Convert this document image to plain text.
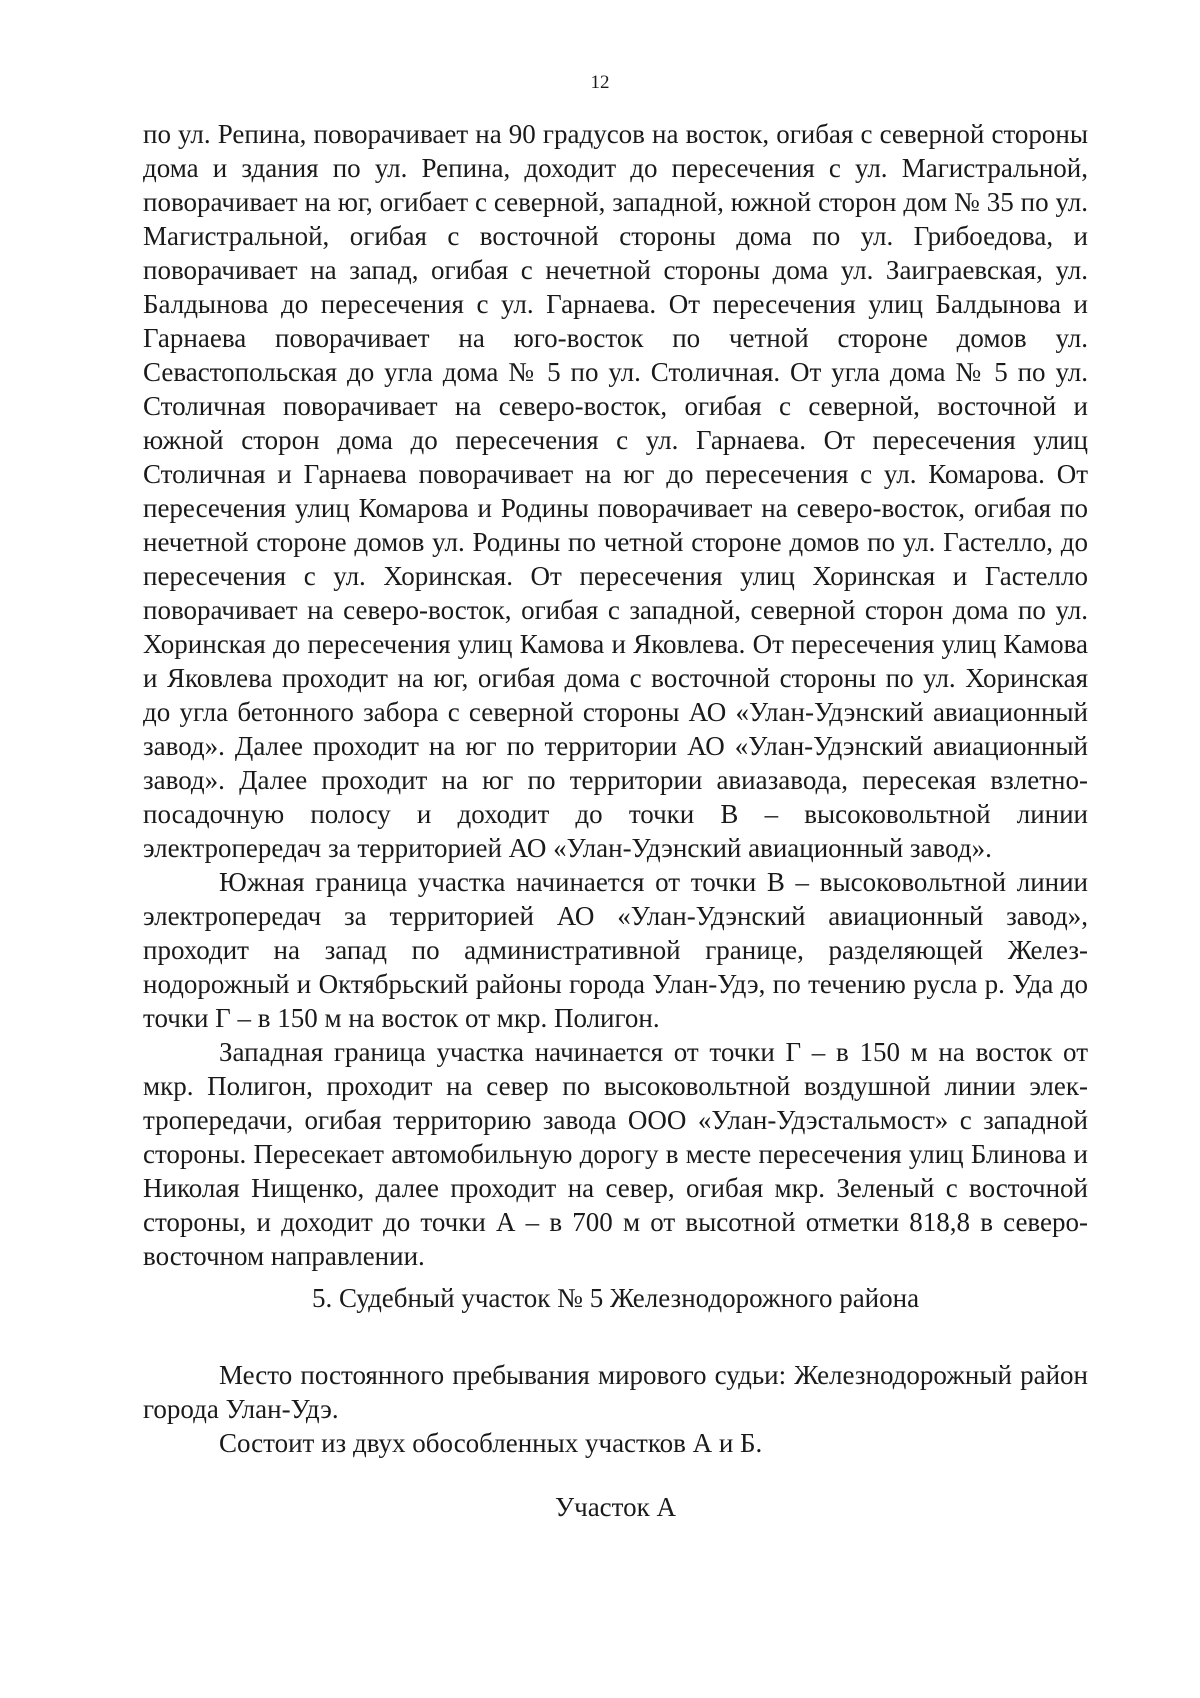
12

по ул. Репина, поворачивает на 90 градусов на восток, огибая с северной стороны дома и здания по ул. Репина, доходит до пересечения с ул. Магистральной, поворачивает на юг, огибает с северной, западной, южной сторон дом № 35 по ул. Магистральной, огибая с восточной стороны дома по ул. Грибоедова, и поворачивает на запад, огибая с нечетной стороны дома ул. Заиграевская, ул. Балдынова до пересечения с ул. Гарнаева. От пересечения улиц Балдынова и Гарнаева поворачивает на юго-восток по четной стороне домов ул. Севастопольская до угла дома № 5 по ул. Столичная. От угла дома № 5 по ул. Столичная поворачивает на северо-восток, огибая с северной, восточной и южной сторон дома до пересечения с ул. Гарнаева. От пересечения улиц Столичная и Гарнаева поворачивает на юг до пересечения с ул. Комарова. От пересечения улиц Комарова и Родины поворачивает на северо-восток, огибая по нечетной стороне домов ул. Родины по четной стороне домов по ул. Гастелло, до пересечения с ул. Хоринская. От пересечения улиц Хоринская и Гастелло поворачивает на северо-восток, огибая с западной, северной сторон дома по ул. Хоринская до пересечения улиц Камова и Яковлева. От пересечения улиц Камова и Яковлева проходит на юг, огибая дома с восточной стороны по ул. Хоринская до угла бетонного забора с северной стороны АО «Улан-Удэнский авиационный завод». Далее проходит на юг по территории АО «Улан-Удэнский авиационный завод». Далее проходит на юг по территории авиазавода, пересекая взлетно-посадочную полосу и доходит до точки В – высоковольтной линии электропередач за территорией АО «Улан-Удэнский авиационный завод».

Южная граница участка начинается от точки В – высоковольтной линии электропередач за территорией АО «Улан-Удэнский авиационный завод», проходит на запад по административной границе, разделяющей Железнодорожный и Октябрьский районы города Улан-Удэ, по течению русла р. Уда до точки Г – в 150 м на восток от мкр. Полигон.

Западная граница участка начинается от точки Г – в 150 м на восток от мкр. Полигон, проходит на север по высоковольтной воздушной линии электропередачи, огибая территорию завода ООО «Улан-Удэстальмост» с западной стороны. Пересекает автомобильную дорогу в месте пересечения улиц Блинова и Николая Нищенко, далее проходит на север, огибая мкр. Зеленый с восточной стороны, и доходит до точки А – в 700 м от высотной отметки 818,8 в северо-восточном направлении.

5. Судебный участок № 5 Железнодорожного района

Место постоянного пребывания мирового судьи: Железнодорожный район города Улан-Удэ.

Состоит из двух обособленных участков А и Б.

Участок А
